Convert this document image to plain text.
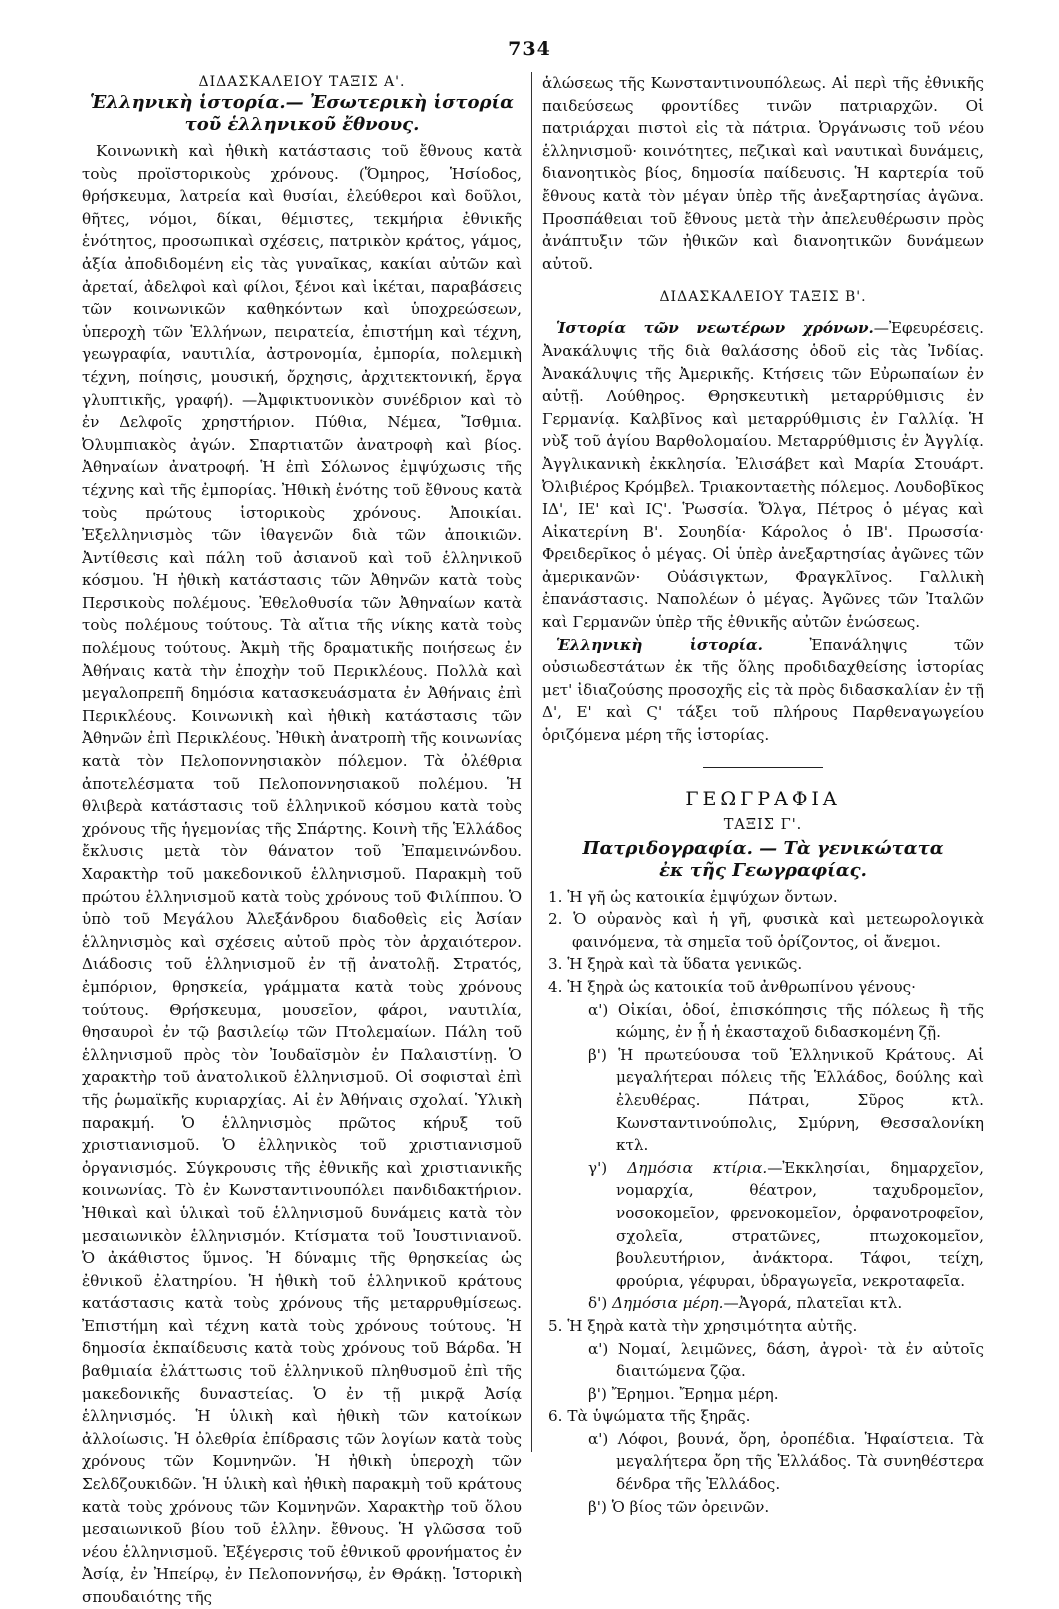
734

ΔΙΔΑΣΚΑΛΕΙΟΥ ΤΑΞΙΣ Α'.

Ἑλληνικὴ ἱστορία.— Ἐσωτερικὴ ἱστορία

τοῦ ἑλληνικοῦ ἔθνους.

Κοινωνικὴ καὶ ἠθικὴ κατάστασις τοῦ ἔθνους κατὰ τοὺς προϊστορικοὺς χρόνους. (Ὅμηρος, Ἡσίοδος, θρήσκευμα, λατρεία καὶ θυσίαι, ἐλεύθεροι καὶ δοῦλοι, θῆτες, νόμοι, δίκαι, θέμιστες, τεκμήρια ἐθνικῆς ἑνότητος, προσωπικαὶ σχέσεις, πατρικὸν κράτος, γάμος, ἀξία ἀποδιδομένη εἰς τὰς γυναῖκας, κακίαι αὐτῶν καὶ ἀρεταί, ἀδελφοὶ καὶ φίλοι, ξένοι καὶ ἱκέται, παραβάσεις τῶν κοινωνικῶν καθηκόντων καὶ ὑποχρεώσεων, ὑπεροχὴ τῶν Ἑλλήνων, πειρατεία, ἐπιστήμη καὶ τέχνη, γεωγραφία, ναυτιλία, ἀστρονομία, ἐμπορία, πολεμικὴ τέχνη, ποίησις, μουσική, ὄρχησις, ἀρχιτεκτονική, ἔργα γλυπτικῆς, γραφή). —Ἀμφικτυονικὸν συνέδριον καὶ τὸ ἐν Δελφοῖς χρηστήριον. Πύθια, Νέμεα, Ἴσθμια. Ὀλυμπιακὸς ἀγών. Σπαρτιατῶν ἀνατροφὴ καὶ βίος. Ἀθηναίων ἀνατροφή. Ἡ ἐπὶ Σόλωνος ἐμψύχωσις τῆς τέχνης καὶ τῆς ἐμπορίας. Ἠθικὴ ἑνότης τοῦ ἔθνους κατὰ τοὺς πρώτους ἱστορικοὺς χρόνους. Ἀποικίαι. Ἐξελληνισμὸς τῶν ἰθαγενῶν διὰ τῶν ἀποικιῶν. Ἀντίθεσις καὶ πάλη τοῦ ἀσιανοῦ καὶ τοῦ ἑλληνικοῦ κόσμου. Ἡ ἠθικὴ κατάστασις τῶν Ἀθηνῶν κατὰ τοὺς Περσικοὺς πολέμους. Ἐθελοθυσία τῶν Ἀθηναίων κατὰ τοὺς πολέμους τούτους. Τὰ αἴτια τῆς νίκης κατὰ τοὺς πολέμους τούτους. Ἀκμὴ τῆς δραματικῆς ποιήσεως ἐν Ἀθήναις κατὰ τὴν ἐποχὴν τοῦ Περικλέους. Πολλὰ καὶ μεγαλοπρεπῆ δημόσια κατασκευάσματα ἐν Ἀθήναις ἐπὶ Περικλέους. Κοινωνικὴ καὶ ἠθικὴ κατάστασις τῶν Ἀθηνῶν ἐπὶ Περικλέους. Ἠθικὴ ἀνατροπὴ τῆς κοινωνίας κατὰ τὸν Πελοποννησιακὸν πόλεμον. Τὰ ὀλέθρια ἀποτελέσματα τοῦ Πελοποννησιακοῦ πολέμου. Ἡ θλιβερὰ κατάστασις τοῦ ἑλληνικοῦ κόσμου κατὰ τοὺς χρόνους τῆς ἡγεμονίας τῆς Σπάρτης. Κοινὴ τῆς Ἑλλάδος ἔκλυσις μετὰ τὸν θάνατον τοῦ Ἐπαμεινώνδου. Χαρακτὴρ τοῦ μακεδονικοῦ ἑλληνισμοῦ. Παρακμὴ τοῦ πρώτου ἑλληνισμοῦ κατὰ τοὺς χρόνους τοῦ Φιλίππου. Ὁ ὑπὸ τοῦ Μεγάλου Ἀλεξάνδρου διαδοθεὶς εἰς Ἀσίαν ἑλληνισμὸς καὶ σχέσεις αὐτοῦ πρὸς τὸν ἀρχαιότερον. Διάδοσις τοῦ ἑλληνισμοῦ ἐν τῇ ἀνατολῇ. Στρατός, ἐμπόριον, θρησκεία, γράμματα κατὰ τοὺς χρόνους τούτους. Θρήσκευμα, μουσεῖον, φάροι, ναυτιλία, θησαυροὶ ἐν τῷ βασιλείῳ τῶν Πτολεμαίων. Πάλη τοῦ ἑλληνισμοῦ πρὸς τὸν Ἰουδαϊσμὸν ἐν Παλαιστίνῃ. Ὁ χαρακτὴρ τοῦ ἀνατολικοῦ ἑλληνισμοῦ. Οἱ σοφισταὶ ἐπὶ τῆς ῥωμαϊκῆς κυριαρχίας. Αἱ ἐν Ἀθήναις σχολαί. Ὑλικὴ παρακμή. Ὁ ἑλληνισμὸς πρῶτος κήρυξ τοῦ χριστιανισμοῦ. Ὁ ἑλληνικὸς τοῦ χριστιανισμοῦ ὀργανισμός. Σύγκρουσις τῆς ἐθνικῆς καὶ χριστιανικῆς κοινωνίας. Τὸ ἐν Κωνσταντινουπόλει πανδιδακτήριον. Ἠθικαὶ καὶ ὑλικαὶ τοῦ ἑλληνισμοῦ δυνάμεις κατὰ τὸν μεσαιωνικὸν ἑλληνισμόν. Κτίσματα τοῦ Ἰουστινιανοῦ. Ὁ ἀκάθιστος ὕμνος. Ἡ δύναμις τῆς θρησκείας ὡς ἐθνικοῦ ἐλατηρίου. Ἡ ἠθικὴ τοῦ ἑλληνικοῦ κράτους κατάστασις κατὰ τοὺς χρόνους τῆς μεταρρυθμίσεως. Ἐπιστήμη καὶ τέχνη κατὰ τοὺς χρόνους τούτους. Ἡ δημοσία ἐκπαίδευσις κατὰ τοὺς χρόνους τοῦ Βάρδα. Ἡ βαθμιαία ἐλάττωσις τοῦ ἑλληνικοῦ πληθυσμοῦ ἐπὶ τῆς μακεδονικῆς δυναστείας. Ὁ ἐν τῇ μικρᾷ Ἀσίᾳ ἑλληνισμός. Ἡ ὑλικὴ καὶ ἠθικὴ τῶν κατοίκων ἀλλοίωσις. Ἡ ὀλεθρία ἐπίδρασις τῶν λογίων κατὰ τοὺς χρόνους τῶν Κομνηνῶν. Ἡ ἠθικὴ ὑπεροχὴ τῶν Σελδζουκιδῶν. Ἡ ὑλικὴ καὶ ἠθικὴ παρακμὴ τοῦ κράτους κατὰ τοὺς χρόνους τῶν Κομνηνῶν. Χαρακτὴρ τοῦ ὅλου μεσαιωνικοῦ βίου τοῦ ἑλλην. ἔθνους. Ἡ γλῶσσα τοῦ νέου ἑλληνισμοῦ. Ἐξέγερσις τοῦ ἐθνικοῦ φρονήματος ἐν Ἀσίᾳ, ἐν Ἠπείρῳ, ἐν Πελοποννήσῳ, ἐν Θράκῃ. Ἱστορικὴ σπουδαιότης τῆς

ἁλώσεως τῆς Κωνσταντινουπόλεως. Αἱ περὶ τῆς ἐθνικῆς παιδεύσεως φροντίδες τινῶν πατριαρχῶν. Οἱ πατριάρχαι πιστοὶ εἰς τὰ πάτρια. Ὀργάνωσις τοῦ νέου ἑλληνισμοῦ· κοινότητες, πεζικαὶ καὶ ναυτικαὶ δυνάμεις, διανοητικὸς βίος, δημοσία παίδευσις. Ἡ καρτερία τοῦ ἔθνους κατὰ τὸν μέγαν ὑπὲρ τῆς ἀνεξαρτησίας ἀγῶνα. Προσπάθειαι τοῦ ἔθνους μετὰ τὴν ἀπελευθέρωσιν πρὸς ἀνάπτυξιν τῶν ἠθικῶν καὶ διανοητικῶν δυνάμεων αὐτοῦ.

ΔΙΔΑΣΚΑΛΕΙΟΥ ΤΑΞΙΣ Β'.

Ἱστορία τῶν νεωτέρων χρόνων.—Ἐφευρέσεις. Ἀνακάλυψις τῆς διὰ θαλάσσης ὁδοῦ εἰς τὰς Ἰνδίας. Ἀνακάλυψις τῆς Ἀμερικῆς. Κτήσεις τῶν Εὐρωπαίων ἐν αὐτῇ. Λούθηρος. Θρησκευτικὴ μεταρρύθμισις ἐν Γερμανίᾳ. Καλβῖνος καὶ μεταρρύθμισις ἐν Γαλλίᾳ. Ἡ νὺξ τοῦ ἁγίου Βαρθολομαίου. Μεταρρύθμισις ἐν Ἀγγλίᾳ. Ἀγγλικανικὴ ἐκκλησία. Ἐλισάβετ καὶ Μαρία Στουάρτ. Ὀλιβιέρος Κρόμβελ. Τριακονταετὴς πόλεμος. Λουδοβῖκος ΙΔ', ΙΕ' καὶ ΙϚ'. Ῥωσσία. Ὄλγα, Πέτρος ὁ μέγας καὶ Αἰκατερίνη Β'. Σουηδία· Κάρολος ὁ ΙΒ'. Πρωσσία· Φρειδερῖκος ὁ μέγας. Οἱ ὑπὲρ ἀνεξαρτησίας ἀγῶνες τῶν ἀμερικανῶν· Οὐάσιγκτων, Φραγκλῖνος. Γαλλικὴ ἐπανάστασις. Ναπολέων ὁ μέγας. Ἀγῶνες τῶν Ἰταλῶν καὶ Γερμανῶν ὑπὲρ τῆς ἐθνικῆς αὐτῶν ἑνώσεως.

Ἑλληνικὴ ἱστορία.	Ἐπανάληψις τῶν οὐσιωδεστάτων ἐκ τῆς ὅλης προδιδαχθείσης ἱστορίας μετ' ἰδιαζούσης προσοχῆς εἰς τὰ πρὸς διδασκαλίαν ἐν τῇ Δ', Ε' καὶ Ϛ' τάξει τοῦ πλήρους Παρθεναγωγείου ὁριζόμενα μέρη τῆς ἱστορίας.

ΓΕΩΓΡΑΦΙΑ

ΤΑΞΙΣ Γ'.

Πατριδογραφία. — Τὰ γενικώτατα

ἐκ τῆς Γεωγραφίας.

1. Ἡ γῆ ὡς κατοικία ἐμψύχων ὄντων.

2. Ὁ οὐρανὸς καὶ ἡ γῆ, φυσικὰ καὶ μετεωρολογικὰ φαινόμενα, τὰ σημεῖα τοῦ ὁρίζοντος, οἱ ἄνεμοι.

3. Ἡ ξηρὰ καὶ τὰ ὕδατα γενικῶς.

4. Ἡ ξηρὰ ὡς κατοικία τοῦ ἀνθρωπίνου γένους·

α') Οἰκίαι, ὁδοί, ἐπισκόπησις τῆς πόλεως ἢ τῆς κώμης, ἐν ᾗ ἡ ἑκασταχοῦ διδασκομένη ζῇ.

β') Ἡ πρωτεύουσα τοῦ Ἑλληνικοῦ Κράτους. Αἱ μεγαλήτεραι πόλεις τῆς Ἑλλάδος, δούλης καὶ ἐλευθέρας. Πάτραι, Σῦρος κτλ. Κωνσταντινούπολις, Σμύρνη, Θεσσαλονίκη κτλ.

γ') Δημόσια κτίρια.—Ἐκκλησίαι, δημαρχεῖον, νομαρχία, θέατρον, ταχυδρομεῖον, νοσοκομεῖον, φρενοκομεῖον, ὀρφανοτροφεῖον, σχολεῖα, στρατῶνες, πτωχοκομεῖον, βουλευτήριον, ἀνάκτορα. Τάφοι, τείχη, φρούρια, γέφυραι, ὑδραγωγεῖα, νεκροταφεῖα.

δ') Δημόσια μέρη.—Ἀγορά, πλατεῖαι κτλ.

5. Ἡ ξηρὰ κατὰ τὴν χρησιμότητα αὐτῆς.

α') Νομαί, λειμῶνες, δάση, ἀγροὶ· τὰ ἐν αὐτοῖς διαιτώμενα ζῷα.

β') Ἔρημοι. Ἔρημα μέρη.

6. Τὰ ὑψώματα τῆς ξηρᾶς.

α') Λόφοι, βουνά, ὄρη, ὀροπέδια. Ἡφαίστεια. Τὰ μεγαλήτερα ὄρη τῆς Ἑλλάδος. Τὰ συνηθέστερα δένδρα τῆς Ἑλλάδος.

β') Ὁ βίος τῶν ὀρεινῶν.
